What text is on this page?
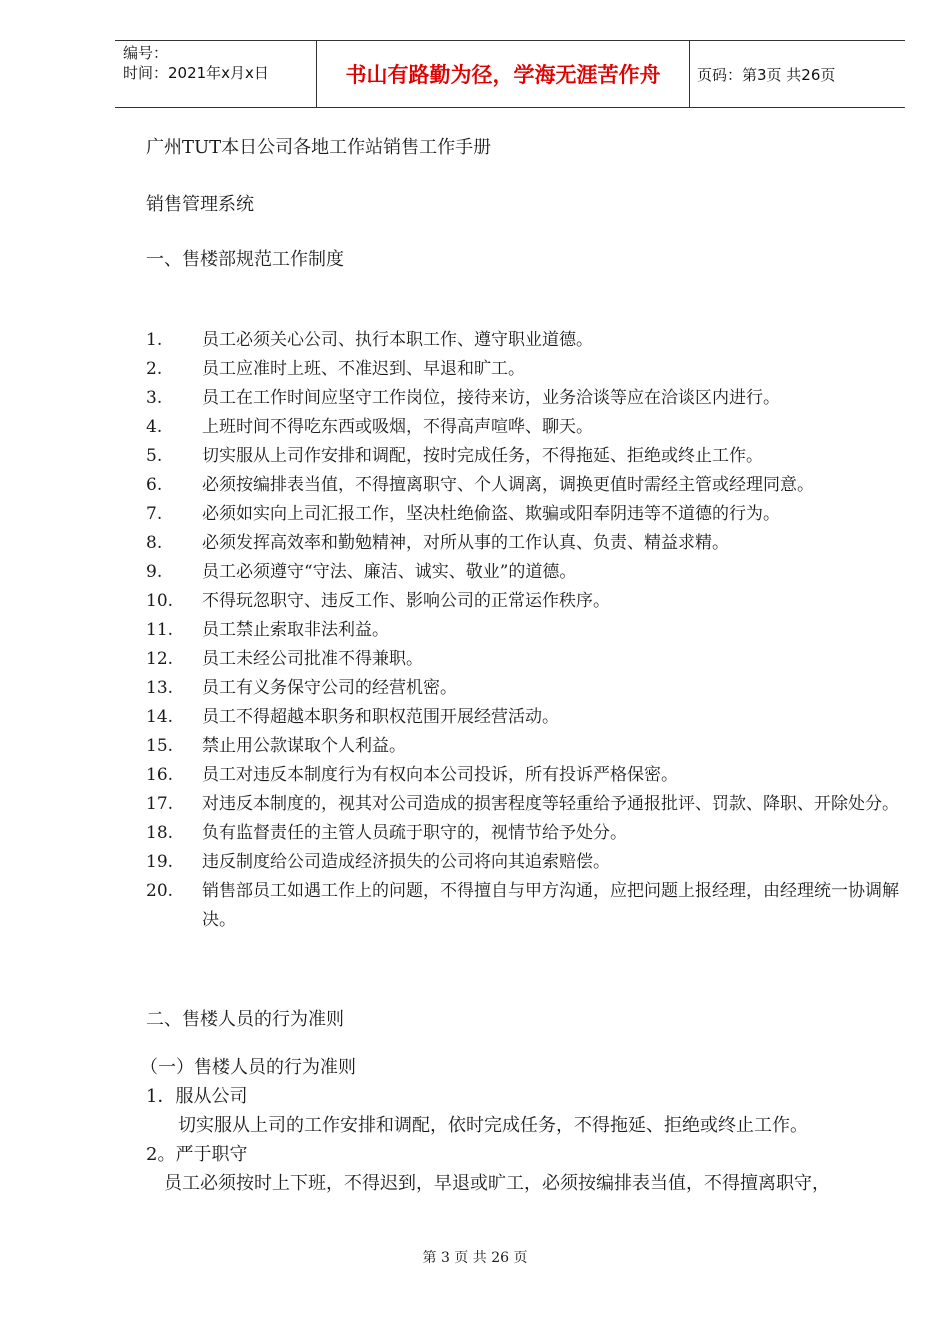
编号：
时间：2021年x月x日	书山有路勤为径，学海无涯苦作舟	页码：第3页 共26页
广州TUT本日公司各地工作站销售工作手册
销售管理系统
一、售楼部规范工作制度
1. 员工必须关心公司、执行本职工作、遵守职业道德。
2. 员工应准时上班、不准迟到、早退和旷工。
3. 员工在工作时间应坚守工作岗位，接待来访，业务洽谈等应在洽谈区内进行。
4. 上班时间不得吃东西或吸烟，不得高声喧哗、聊天。
5. 切实服从上司作安排和调配，按时完成任务，不得拖延、拒绝或终止工作。
6. 必须按编排表当值，不得擅离职守、个人调离，调换更值时需经主管或经理同意。
7. 必须如实向上司汇报工作，坚决杜绝偷盗、欺骗或阳奉阴违等不道德的行为。
8. 必须发挥高效率和勤勉精神，对所从事的工作认真、负责、精益求精。
9. 员工必须遵守“守法、廉洁、诚实、敬业”的道德。
10. 不得玩忽职守、违反工作、影响公司的正常运作秩序。
11. 员工禁止索取非法利益。
12. 员工未经公司批准不得兼职。
13. 员工有义务保守公司的经营机密。
14. 员工不得超越本职务和职权范围开展经营活动。
15. 禁止用公款谋取个人利益。
16. 员工对违反本制度行为有权向本公司投诉，所有投诉严格保密。
17. 对违反本制度的，视其对公司造成的损害程度等轻重给予通报批评、罚款、降职、开除处分。
18. 负有监督责任的主管人员疏于职守的，视情节给予处分。
19. 违反制度给公司造成经济损失的公司将向其追索赔偿。
20. 销售部员工如遇工作上的问题，不得擅自与甲方沟通，应把问题上报经理，由经理统一协调解决。
二、售楼人员的行为准则
（一）售楼人员的行为准则
1．服从公司
切实服从上司的工作安排和调配，依时完成任务，不得拖延、拒绝或终止工作。
2。严于职守
员工必须按时上下班，不得迟到，早退或旷工，必须按编排表当值，不得擅离职守，
第 3 页 共 26 页
